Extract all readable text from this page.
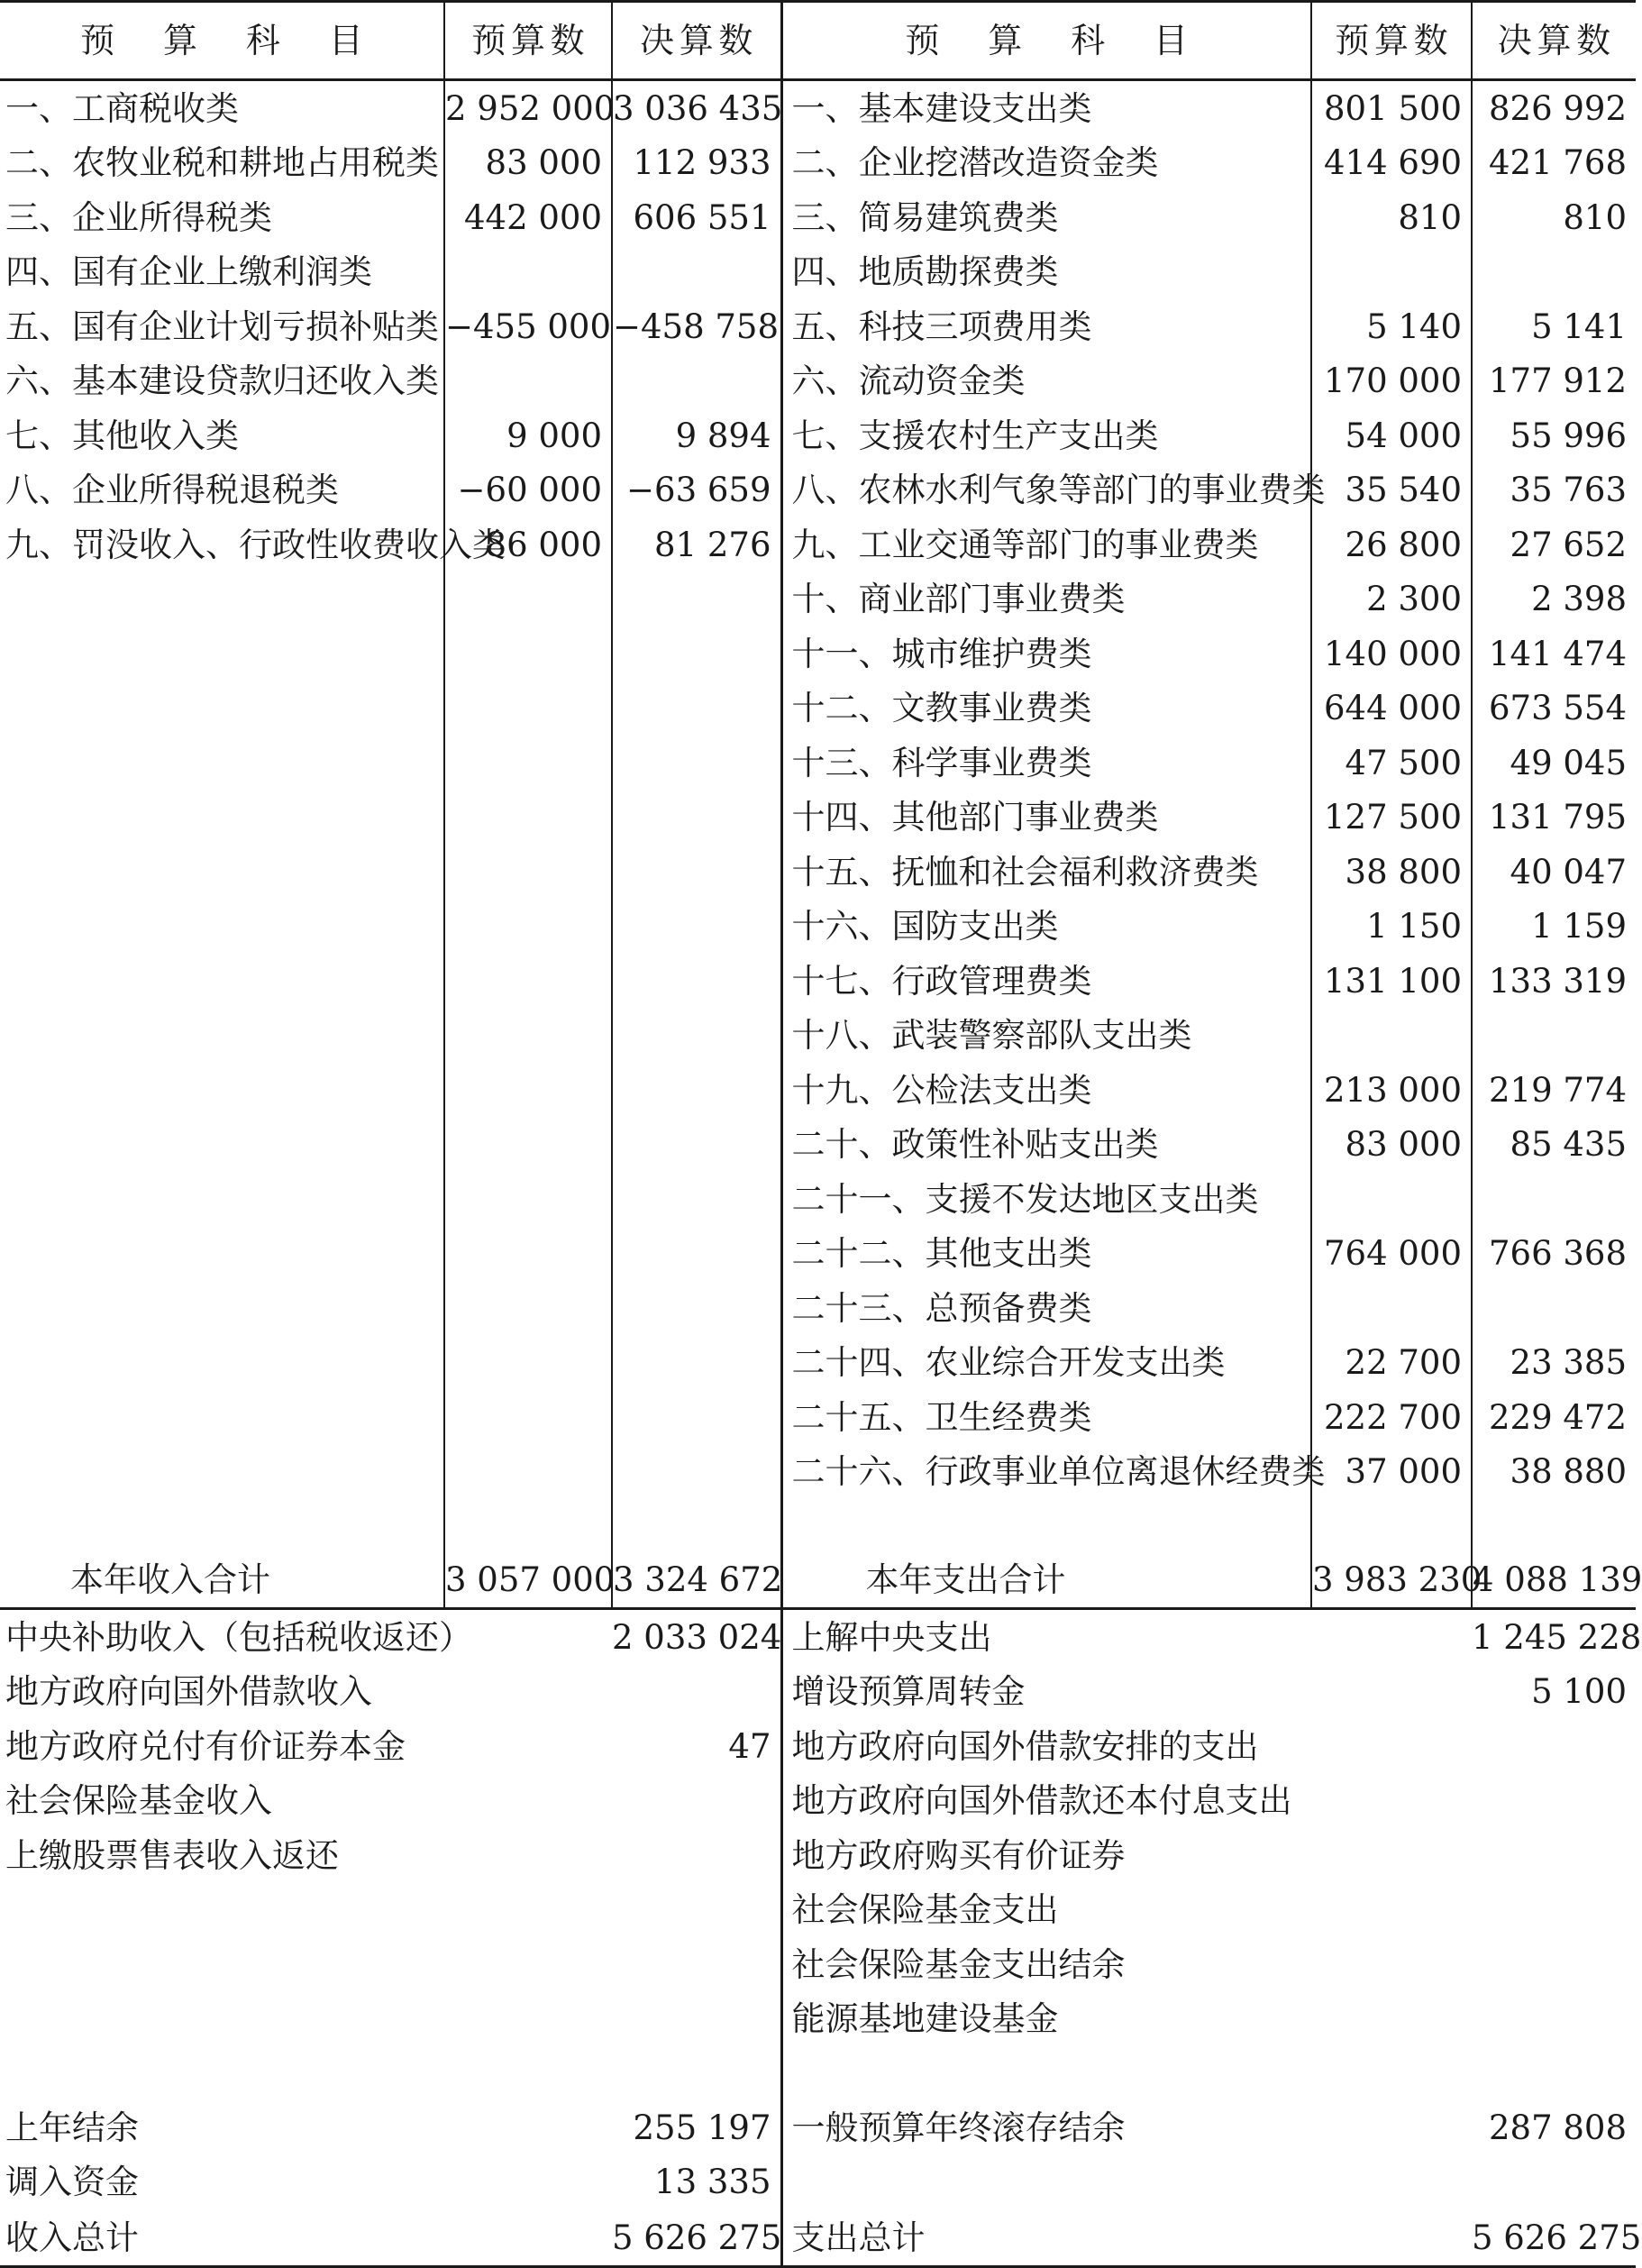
预 算 科 目	预算数	决算数	预 算 科 目	预算数	决算数
一、工商税收类	2 952 000	3 036 435	一、基本建设支出类	801 500	826 992
二、农牧业税和耕地占用税类	83 000	112 933	二、企业挖潜改造资金类	414 690	421 768
三、企业所得税类	442 000	606 551	三、简易建筑费类	810	810
四、国有企业上缴利润类			四、地质勘探费类		
五、国有企业计划亏损补贴类	−455 000	−458 758	五、科技三项费用类	5 140	5 141
六、基本建设贷款归还收入类			六、流动资金类	170 000	177 912
七、其他收入类	9 000	9 894	七、支援农村生产支出类	54 000	55 996
八、企业所得税退税类	−60 000	−63 659	八、农林水利气象等部门的事业费类	35 540	35 763
九、罚没收入、行政性收费收入类	86 000	81 276	九、工业交通等部门的事业费类	26 800	27 652
			十、商业部门事业费类	2 300	2 398
			十一、城市维护费类	140 000	141 474
			十二、文教事业费类	644 000	673 554
			十三、科学事业费类	47 500	49 045
			十四、其他部门事业费类	127 500	131 795
			十五、抚恤和社会福利救济费类	38 800	40 047
			十六、国防支出类	1 150	1 159
			十七、行政管理费类	131 100	133 319
			十八、武装警察部队支出类		
			十九、公检法支出类	213 000	219 774
			二十、政策性补贴支出类	83 000	85 435
			二十一、支援不发达地区支出类		
			二十二、其他支出类	764 000	766 368
			二十三、总预备费类		
			二十四、农业综合开发支出类	22 700	23 385
			二十五、卫生经费类	222 700	229 472
			二十六、行政事业单位离退休经费类	37 000	38 880

本年收入合计	3 057 000	3 324 672	本年支出合计	3 983 230	4 088 139
中央补助收入（包括税收返还）		2 033 024	上解中央支出		1 245 228
地方政府向国外借款收入			增设预算周转金		5 100
地方政府兑付有价证券本金		47	地方政府向国外借款安排的支出		
社会保险基金收入			地方政府向国外借款还本付息支出		
上缴股票售表收入返还			地方政府购买有价证券		
			社会保险基金支出		
			社会保险基金支出结余		
			能源基地建设基金		

上年结余		255 197	一般预算年终滚存结余		287 808
调入资金		13 335			
收入总计		5 626 275	支出总计		5 626 275
